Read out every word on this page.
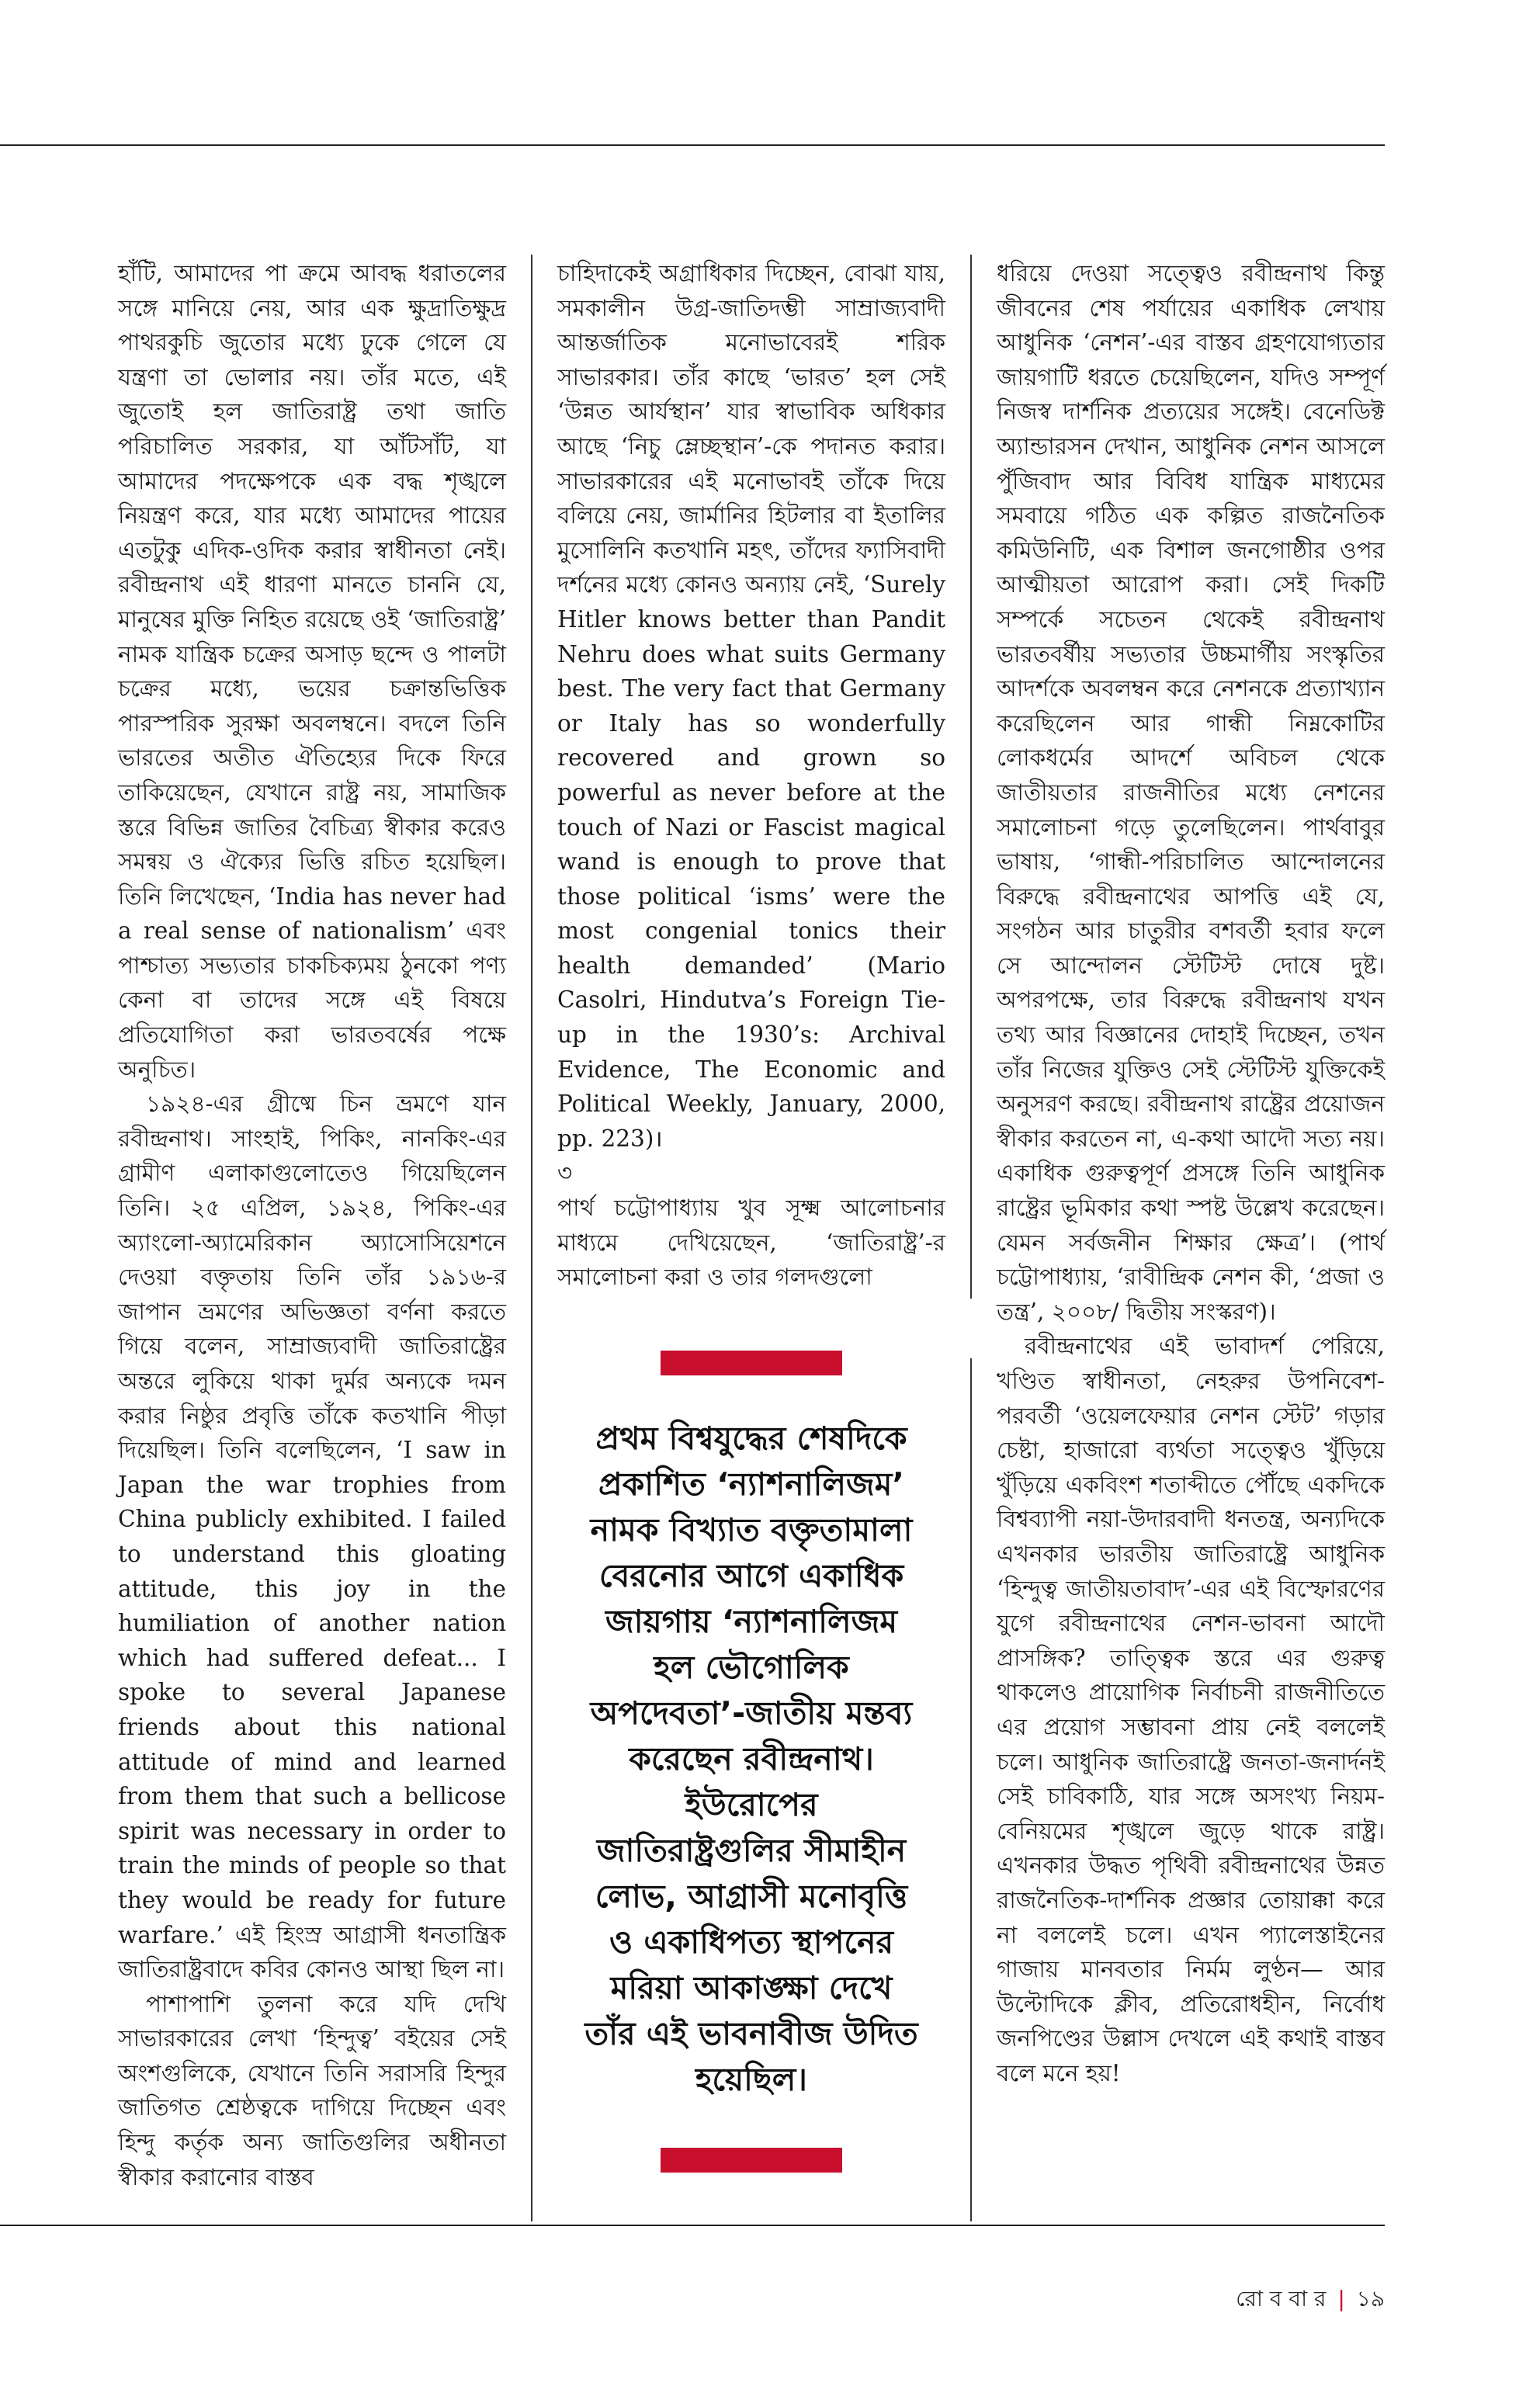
হাঁটি, আমাদের পা ক্রমে আবদ্ধ ধরাতলের সঙ্গে মানিয়ে নেয়, আর এক ক্ষুদ্রাতিক্ষুদ্র পাথরকুচি জুতোর মধ্যে ঢুকে গেলে যে যন্ত্রণা তা ভোলার নয়। তাঁর মতে, এই জুতোই হল জাতিরাষ্ট্র তথা জাতি পরিচালিত সরকার, যা আঁটসাঁট, যা আমাদের পদক্ষেপকে এক বদ্ধ শৃঙ্খলে নিয়ন্ত্রণ করে, যার মধ্যে আমাদের পায়ের এতটুকু এদিক-ওদিক করার স্বাধীনতা নেই। রবীন্দ্রনাথ এই ধারণা মানতে চাননি যে, মানুষের মুক্তি নিহিত রয়েছে ওই ‘জাতিরাষ্ট্র’ নামক যান্ত্রিক চক্রের অসাড় ছন্দে ও পালটা চক্রের মধ্যে, ভয়ের চক্রান্তভিত্তিক পারস্পরিক সুরক্ষা অবলম্বনে। বদলে তিনি ভারতের অতীত ঐতিহ্যের দিকে ফিরে তাকিয়েছেন, যেখানে রাষ্ট্র নয়, সামাজিক স্তরে বিভিন্ন জাতির বৈচিত্র্য স্বীকার করেও সমন্বয় ও ঐক্যের ভিত্তি রচিত হয়েছিল। তিনি লিখেছেন, ‘India has never had a real sense of nationalism’ এবং পাশ্চাত্য সভ্যতার চাকচিক্যময় ঠুনকো পণ্য কেনা বা তাদের সঙ্গে এই বিষয়ে প্রতিযোগিতা করা ভারতবর্ষের পক্ষে অনুচিত।

১৯২৪-এর গ্রীষ্মে চিন ভ্রমণে যান রবীন্দ্রনাথ। সাংহাই, পিকিং, নানকিং-এর গ্রামীণ এলাকাগুলোতেও গিয়েছিলেন তিনি। ২৫ এপ্রিল, ১৯২৪, পিকিং-এর অ্যাংলো-অ্যামেরিকান অ্যাসোসিয়েশনে দেওয়া বক্তৃতায় তিনি তাঁর ১৯১৬-র জাপান ভ্রমণের অভিজ্ঞতা বর্ণনা করতে গিয়ে বলেন, সাম্রাজ্যবাদী জাতিরাষ্ট্রের অন্তরে লুকিয়ে থাকা দুর্মর অন্যকে দমন করার নিষ্ঠুর প্রবৃত্তি তাঁকে কতখানি পীড়া দিয়েছিল। তিনি বলেছিলেন, ‘I saw in Japan the war trophies from China publicly exhibited. I failed to understand this gloating attitude, this joy in the humiliation of another nation which had suffered defeat... I spoke to several Japanese friends about this national attitude of mind and learned from them that such a bellicose spirit was necessary in order to train the minds of people so that they would be ready for future warfare.’ এই হিংস্র আগ্রাসী ধনতান্ত্রিক জাতিরাষ্ট্রবাদে কবির কোনও আস্থা ছিল না।

পাশাপাশি তুলনা করে যদি দেখি সাভারকারের লেখা ‘হিন্দুত্ব’ বইয়ের সেই অংশগুলিকে, যেখানে তিনি সরাসরি হিন্দুর জাতিগত শ্রেষ্ঠত্বকে দাগিয়ে দিচ্ছেন এবং হিন্দু কর্তৃক অন্য জাতিগুলির অধীনতা স্বীকার করানোর বাস্তব

চাহিদাকেই অগ্রাধিকার দিচ্ছেন, বোঝা যায়, সমকালীন উগ্র-জাতিদম্ভী সাম্রাজ্যবাদী আন্তর্জাতিক মনোভাবেরই শরিক সাভারকার। তাঁর কাছে ‘ভারত’ হল সেই ‘উন্নত আর্যস্থান’ যার স্বাভাবিক অধিকার আছে ‘নিচু ম্লেচ্ছস্থান’-কে পদানত করার। সাভারকারের এই মনোভাবই তাঁকে দিয়ে বলিয়ে নেয়, জার্মানির হিটলার বা ইতালির মুসোলিনি কতখানি মহৎ, তাঁদের ফ্যাসিবাদী দর্শনের মধ্যে কোনও অন্যায় নেই, ‘Surely Hitler knows better than Pandit Nehru does what suits Germany best. The very fact that Germany or Italy has so wonderfully recovered and grown so powerful as never before at the touch of Nazi or Fascist magical wand is enough to prove that those political ‘isms’ were the most congenial tonics their health demanded’ (Mario Casolri, Hindutva’s Foreign Tie-up in the 1930’s: Archival Evidence, The Economic and Political Weekly, January, 2000, pp. 223)।

৩

পার্থ চট্টোপাধ্যায় খুব সূক্ষ্ম আলোচনার মাধ্যমে দেখিয়েছেন, ‘জাতিরাষ্ট্র’-র সমালোচনা করা ও তার গলদগুলো

প্রথম বিশ্বযুদ্ধের শেষদিকে প্রকাশিত ‘ন্যাশনালিজম’ নামক বিখ্যাত বক্তৃতামালা বেরনোর আগে একাধিক জায়গায় ‘ন্যাশনালিজম হল ভৌগোলিক অপদেবতা’-জাতীয় মন্তব্য করেছেন রবীন্দ্রনাথ। ইউরোপের জাতিরাষ্ট্রগুলির সীমাহীন লোভ, আগ্রাসী মনোবৃত্তি ও একাধিপত্য স্থাপনের মরিয়া আকাঙ্ক্ষা দেখে তাঁর এই ভাবনাবীজ উদিত হয়েছিল।

ধরিয়ে দেওয়া সত্ত্বেও রবীন্দ্রনাথ কিন্তু জীবনের শেষ পর্যায়ের একাধিক লেখায় আধুনিক ‘নেশন’-এর বাস্তব গ্রহণযোগ্যতার জায়গাটি ধরতে চেয়েছিলেন, যদিও সম্পূর্ণ নিজস্ব দার্শনিক প্রত্যয়ের সঙ্গেই। বেনেডিক্ট অ্যান্ডারসন দেখান, আধুনিক নেশন আসলে পুঁজিবাদ আর বিবিধ যান্ত্রিক মাধ্যমের সমবায়ে গঠিত এক কল্পিত রাজনৈতিক কমিউনিটি, এক বিশাল জনগোষ্ঠীর ওপর আত্মীয়তা আরোপ করা। সেই দিকটি সম্পর্কে সচেতন থেকেই রবীন্দ্রনাথ ভারতবর্ষীয় সভ্যতার উচ্চমার্গীয় সংস্কৃতির আদর্শকে অবলম্বন করে নেশনকে প্রত্যাখ্যান করেছিলেন আর গান্ধী নিম্নকোটির লোকধর্মের আদর্শে অবিচল থেকে জাতীয়তার রাজনীতির মধ্যে নেশনের সমালোচনা গড়ে তুলেছিলেন। পার্থবাবুর ভাষায়, ‘গান্ধী-পরিচালিত আন্দোলনের বিরুদ্ধে রবীন্দ্রনাথের আপত্তি এই যে, সংগঠন আর চাতুরীর বশবর্তী হবার ফলে সে আন্দোলন স্টেটিস্ট দোষে দুষ্ট। অপরপক্ষে, তার বিরুদ্ধে রবীন্দ্রনাথ যখন তথ্য আর বিজ্ঞানের দোহাই দিচ্ছেন, তখন তাঁর নিজের যুক্তিও সেই স্টেটিস্ট যুক্তিকেই অনুসরণ করছে। রবীন্দ্রনাথ রাষ্ট্রের প্রয়োজন স্বীকার করতেন না, এ-কথা আদৌ সত্য নয়। একাধিক গুরুত্বপূর্ণ প্রসঙ্গে তিনি আধুনিক রাষ্ট্রের ভূমিকার কথা স্পষ্ট উল্লেখ করেছেন। যেমন সর্বজনীন শিক্ষার ক্ষেত্র’। (পার্থ চট্টোপাধ্যায়, ‘রাবীন্দ্রিক নেশন কী, ‘প্রজা ও তন্ত্র’, ২০০৮/ দ্বিতীয় সংস্করণ)।

রবীন্দ্রনাথের এই ভাবাদর্শ পেরিয়ে, খণ্ডিত স্বাধীনতা, নেহরুর উপনিবেশ-পরবর্তী ‘ওয়েলফেয়ার নেশন স্টেট’ গড়ার চেষ্টা, হাজারো ব্যর্থতা সত্ত্বেও খুঁড়িয়ে খুঁড়িয়ে একবিংশ শতাব্দীতে পৌঁছে একদিকে বিশ্বব্যাপী নয়া-উদারবাদী ধনতন্ত্র, অন্যদিকে এখনকার ভারতীয় জাতিরাষ্ট্রে আধুনিক ‘হিন্দুত্ব জাতীয়তাবাদ’-এর এই বিস্ফোরণের যুগে রবীন্দ্রনাথের নেশন-ভাবনা আদৌ প্রাসঙ্গিক? তাত্ত্বিক স্তরে এর গুরুত্ব থাকলেও প্রায়োগিক নির্বাচনী রাজনীতিতে এর প্রয়োগ সম্ভাবনা প্রায় নেই বললেই চলে। আধুনিক জাতিরাষ্ট্রে জনতা-জনার্দনই সেই চাবিকাঠি, যার সঙ্গে অসংখ্য নিয়ম-বেনিয়মের শৃঙ্খলে জুড়ে থাকে রাষ্ট্র। এখনকার উদ্ধত পৃথিবী রবীন্দ্রনাথের উন্নত রাজনৈতিক-দার্শনিক প্রজ্ঞার তোয়াক্কা করে না বললেই চলে। এখন প্যালেস্তাইনের গাজায় মানবতার নির্মম লুণ্ঠন— আর উল্টোদিকে ক্লীব, প্রতিরোধহীন, নির্বোধ জনপিণ্ডের উল্লাস দেখলে এই কথাই বাস্তব বলে মনে হয়!

রো ব বা র | ১৯
